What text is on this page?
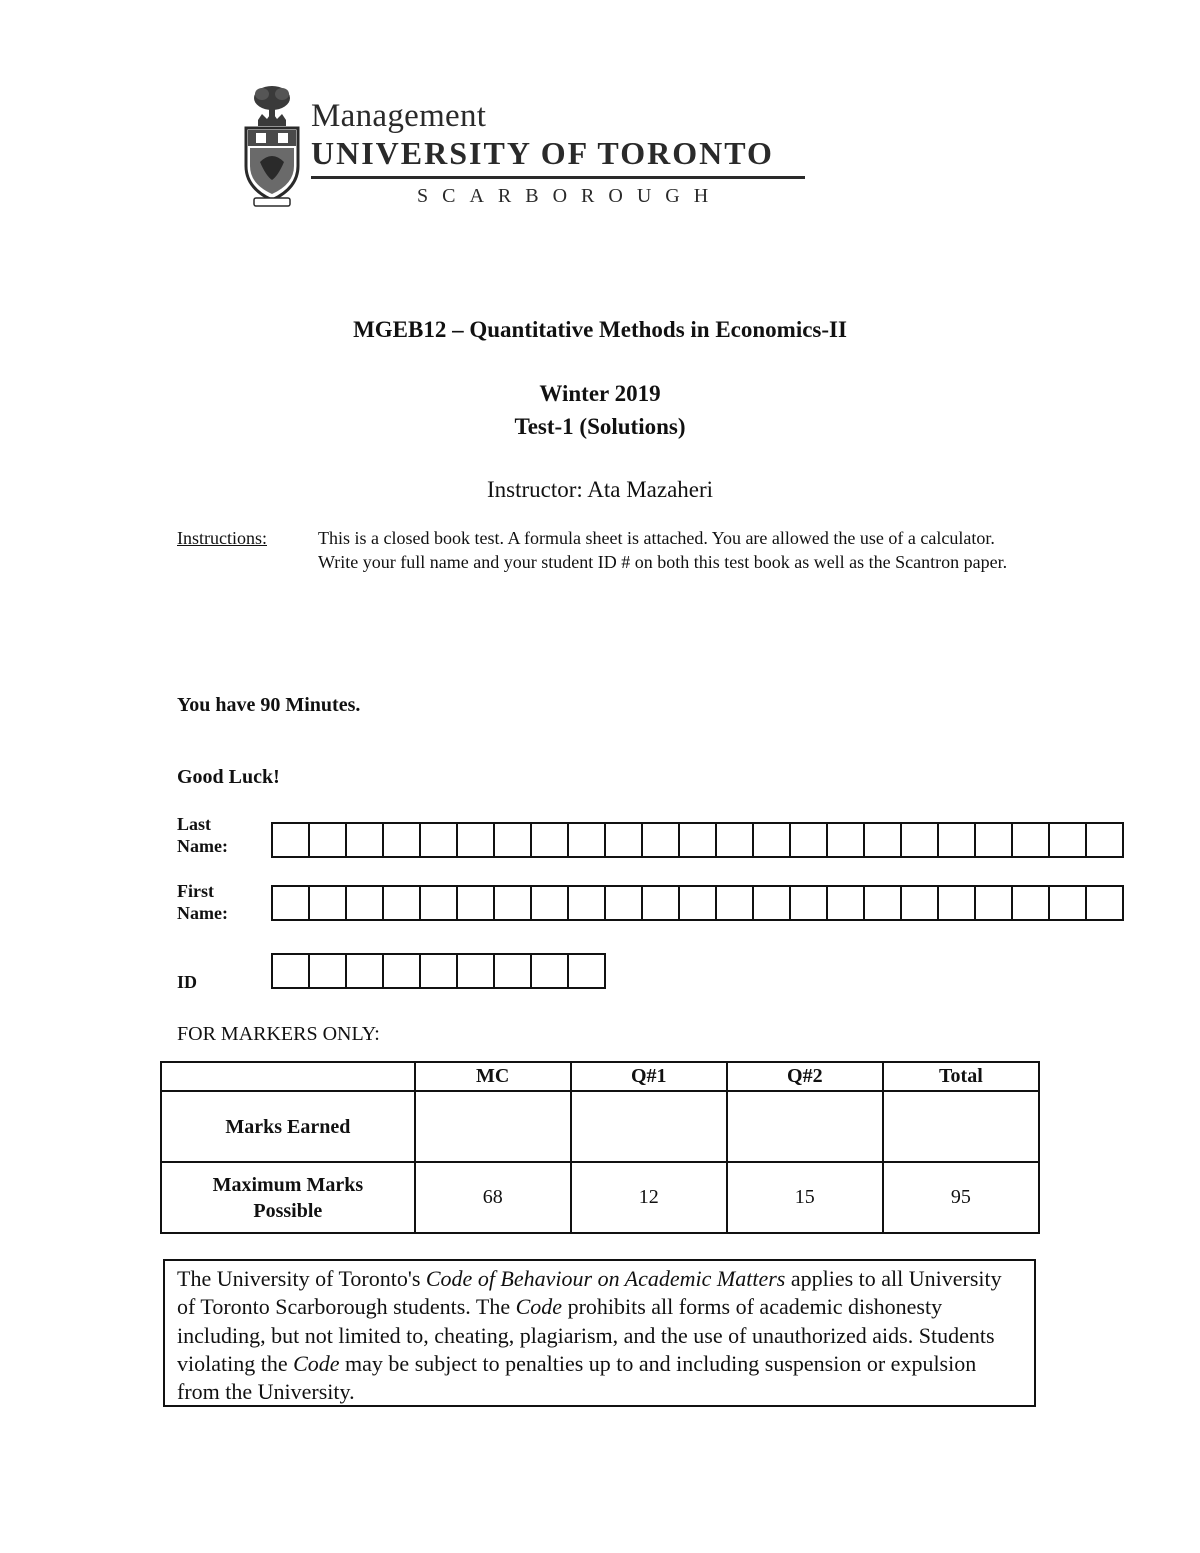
Management
UNIVERSITY OF TORONTO
SCARBOROUGH
MGEB12 – Quantitative Methods in Economics-II
Winter 2019
Test-1 (Solutions)
Instructor: Ata Mazaheri
Instructions:	This is a closed book test. A formula sheet is attached. You are allowed the use of a calculator.
Write your full name and your student ID # on both this test book as well as the Scantron paper.
You have 90 Minutes.
Good Luck!
Last
Name:
First
Name:
ID
FOR MARKERS ONLY:
	MC	Q#1	Q#2	Total
Marks Earned				

Maximum Marks
Possible	68	12	15	95
The University of Toronto's Code of Behaviour on Academic Matters applies to all University of Toronto Scarborough students. The Code prohibits all forms of academic dishonesty including, but not limited to, cheating, plagiarism, and the use of unauthorized aids. Students violating the Code may be subject to penalties up to and including suspension or expulsion from the University.
